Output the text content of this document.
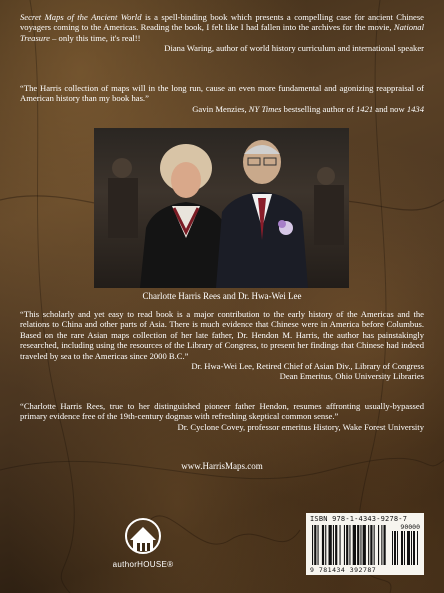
Secret Maps of the Ancient World is a spell-binding book which presents a compelling case for ancient Chinese voyagers coming to the Americas. Reading the book, I felt like I had fallen into the archives for the movie, National Treasure – only this time, it's real!!

Diana Waring, author of world history curriculum and international speaker

“The Harris collection of maps will in the long run, cause an even more fundamental and agonizing reappraisal of American history than my book has.”

Gavin Menzies, NY Times bestselling author of 1421 and now 1434
Charlotte Harris Rees and Dr. Hwa-Wei Lee

“This scholarly and yet easy to read book is a major contribution to the early history of the Americas and the relations to China and other parts of Asia. There is much evidence that Chinese were in America before Columbus. Based on the rare Asian maps collection of her late father, Dr. Hendon M. Harris, the author has painstakingly researched, including using the resources of the Library of Congress, to present her findings that Chinese had indeed traveled by sea to the Americas since 2000 B.C.”

Dr. Hwa-Wei Lee, Retired Chief of Asian Div., Library of Congress
Dean Emeritus, Ohio University Libraries

“Charlotte Harris Rees, true to her distinguished pioneer father Hendon, resumes affronting usually-bypassed primary evidence free of the 19th-century dogmas with refreshing skeptical common sense.”

Dr. Cyclone Covey, professor emeritus History, Wake Forest University
www.HarrisMaps.com
authorHOUSE®
ISBN 978-1-4343-9278-7
90000
9 781434 392787
